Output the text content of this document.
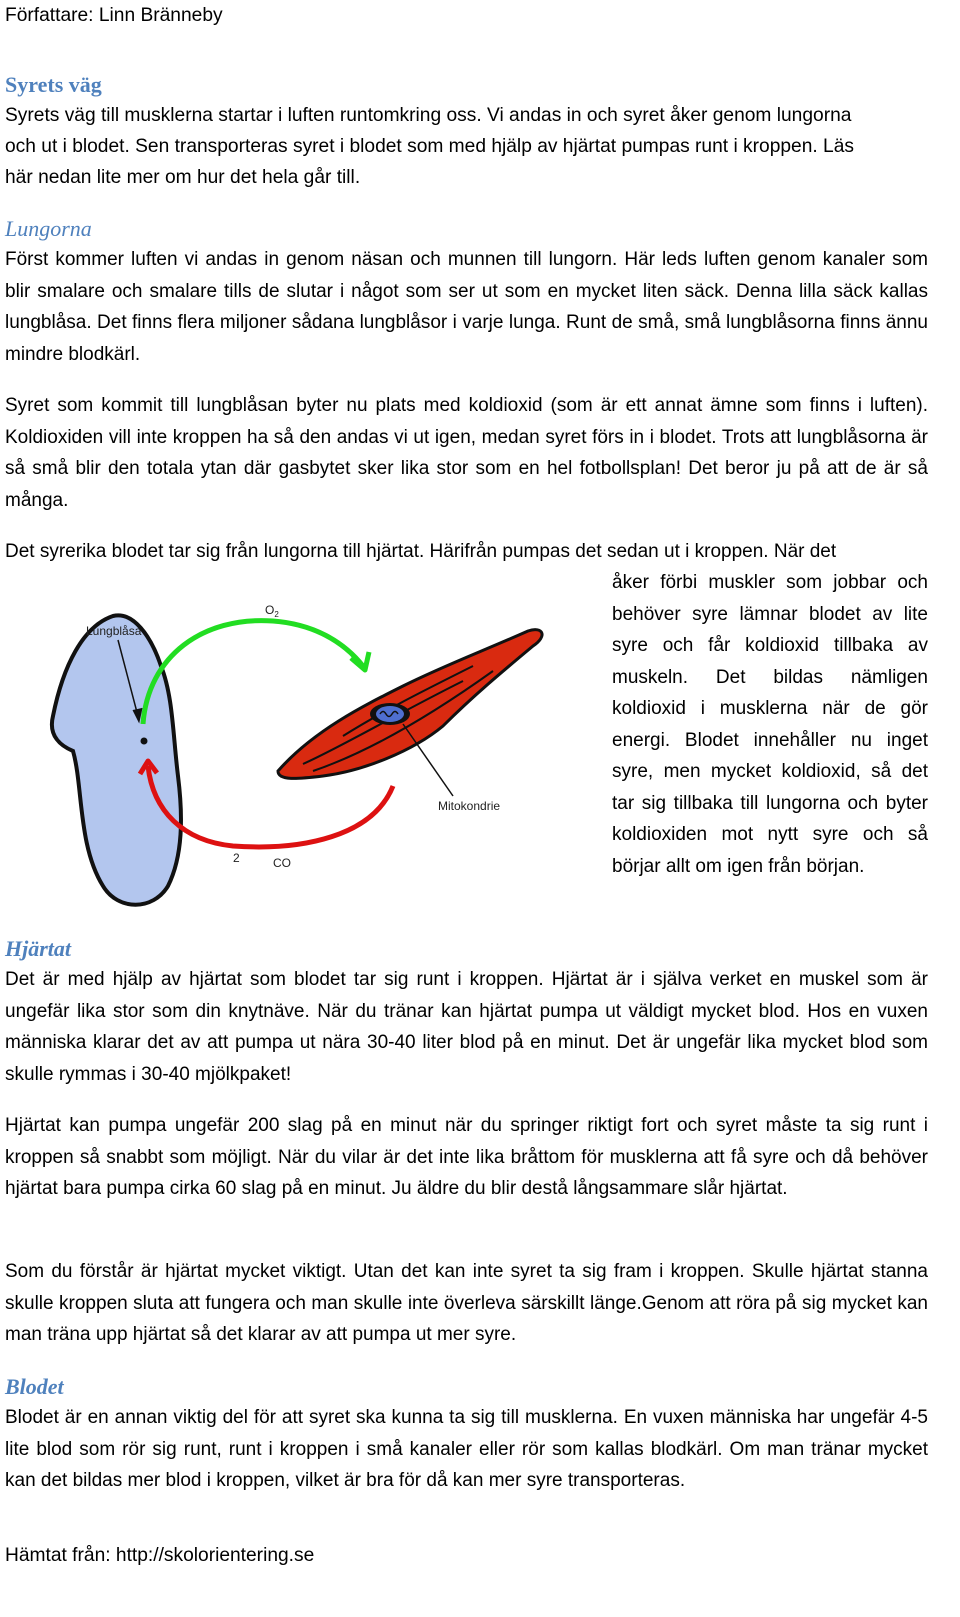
Författare: Linn Bränneby
Syrets väg
Syrets väg till musklerna startar i luften runtomkring oss. Vi andas in och syret åker genom lungorna
och ut i blodet. Sen transporteras syret i blodet som med hjälp av hjärtat pumpas runt i kroppen. Läs
här nedan lite mer om hur det hela går till.
Lungorna
Först kommer luften vi andas in genom näsan och munnen till lungorn. Här leds luften genom kanaler som blir smalare och smalare tills de slutar i något som ser ut som en mycket liten säck. Denna lilla säck kallas lungblåsa. Det finns flera miljoner sådana lungblåsor i varje lunga. Runt de små, små lungblåsorna finns ännu mindre blodkärl.
Syret som kommit till lungblåsan byter nu plats med koldioxid (som är ett annat ämne som finns i luften). Koldioxiden vill inte kroppen ha så den andas vi ut igen, medan syret förs in i blodet. Trots att lungblåsorna är så små blir den totala ytan där gasbytet sker lika stor som en hel fotbollsplan! Det beror ju på att de är så många.
Det syrerika blodet tar sig från lungorna till hjärtat. Härifrån pumpas det sedan ut i kroppen. När det
åker förbi muskler som jobbar och behöver syre lämnar blodet av lite syre och får koldioxid tillbaka av muskeln. Det bildas nämligen koldioxid i musklerna när de gör energi. Blodet innehåller nu inget syre, men mycket koldioxid, så det tar sig tillbaka till lungorna och byter koldioxiden mot nytt syre och så börjar allt om igen från början.
Lungblåsa
$O_2$
Mitokondrie
2	CO
Hjärtat
Det är med hjälp av hjärtat som blodet tar sig runt i kroppen. Hjärtat är i själva verket en muskel som är ungefär lika stor som din knytnäve. När du tränar kan hjärtat pumpa ut väldigt mycket blod. Hos en vuxen människa klarar det av att pumpa ut nära 30-40 liter blod på en minut. Det är ungefär lika mycket blod som skulle rymmas i 30-40 mjölkpaket!
Hjärtat kan pumpa ungefär 200 slag på en minut när du springer riktigt fort och syret måste ta sig runt i kroppen så snabbt som möjligt. När du vilar är det inte lika bråttom för musklerna att få syre och då behöver hjärtat bara pumpa cirka 60 slag på en minut. Ju äldre du blir destå långsammare slår hjärtat.
Som du förstår är hjärtat mycket viktigt. Utan det kan inte syret ta sig fram i kroppen. Skulle hjärtat stanna skulle kroppen sluta att fungera och man skulle inte överleva särskillt länge.Genom att röra på sig mycket kan man träna upp hjärtat så det klarar av att pumpa ut mer syre.
Blodet
Blodet är en annan viktig del för att syret ska kunna ta sig till musklerna. En vuxen människa har ungefär 4-5 lite blod som rör sig runt, runt i kroppen i små kanaler eller rör som kallas blodkärl. Om man tränar mycket kan det bildas mer blod i kroppen, vilket är bra för då kan mer syre transporteras.
Hämtat från: http://skolorientering.se
